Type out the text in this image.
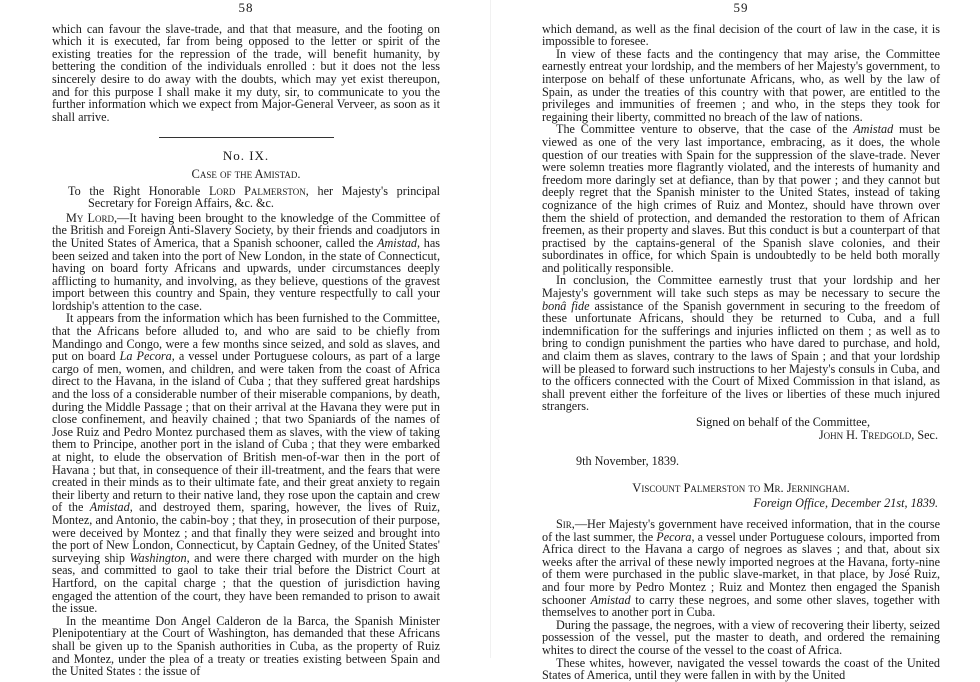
58

which can favour the slave-trade, and that that measure, and the footing on which it is executed, far from being opposed to the letter or spirit of the existing treaties for the repression of the trade, will benefit humanity, by bettering the condition of the individuals enrolled : but it does not the less sincerely desire to do away with the doubts, which may yet exist thereupon, and for this purpose I shall make it my duty, sir, to communicate to you the further information which we expect from Major-General Verveer, as soon as it shall arrive.

No. IX.
Case of the Amistad.

To the Right Honorable Lord Palmerston, her Majesty's principal Secretary for Foreign Affairs, &c. &c.

My Lord,—It having been brought to the knowledge of the Committee of the British and Foreign Anti-Slavery Society, by their friends and coadjutors in the United States of America, that a Spanish schooner, called the Amistad, has been seized and taken into the port of New London, in the state of Connecticut, having on board forty Africans and upwards, under circumstances deeply afflicting to humanity, and involving, as they believe, questions of the gravest import between this country and Spain, they venture respectfully to call your lordship's attention to the case.

It appears from the information which has been furnished to the Committee, that the Africans before alluded to, and who are said to be chiefly from Mandingo and Congo, were a few months since seized, and sold as slaves, and put on board La Pecora, a vessel under Portuguese colours, as part of a large cargo of men, women, and children, and were taken from the coast of Africa direct to the Havana, in the island of Cuba ; that they suffered great hardships and the loss of a considerable number of their miserable companions, by death, during the Middle Passage ; that on their arrival at the Havana they were put in close confinement, and heavily chained ; that two Spaniards of the names of Jose Ruiz and Pedro Montez purchased them as slaves, with the view of taking them to Principe, another port in the island of Cuba ; that they were embarked at night, to elude the observation of British men-of-war then in the port of Havana ; but that, in consequence of their ill-treatment, and the fears that were created in their minds as to their ultimate fate, and their great anxiety to regain their liberty and return to their native land, they rose upon the captain and crew of the Amistad, and destroyed them, sparing, however, the lives of Ruiz, Montez, and Antonio, the cabin-boy ; that they, in prosecution of their purpose, were deceived by Montez ; and that finally they were seized and brought into the port of New London, Connecticut, by Captain Gedney, of the United States' surveying ship Washington, and were there charged with murder on the high seas, and committed to gaol to take their trial before the District Court at Hartford, on the capital charge ; that the question of jurisdiction having engaged the attention of the court, they have been remanded to prison to await the issue.

In the meantime Don Angel Calderon de la Barca, the Spanish Minister Plenipotentiary at the Court of Washington, has demanded that these Africans shall be given up to the Spanish authorities in Cuba, as the property of Ruiz and Montez, under the plea of a treaty or treaties existing between Spain and the United States : the issue of

59

which demand, as well as the final decision of the court of law in the case, it is impossible to foresee.

In view of these facts and the contingency that may arise, the Committee earnestly entreat your lordship, and the members of her Majesty's government, to interpose on behalf of these unfortunate Africans, who, as well by the law of Spain, as under the treaties of this country with that power, are entitled to the privileges and immunities of freemen ; and who, in the steps they took for regaining their liberty, committed no breach of the law of nations.

The Committee venture to observe, that the case of the Amistad must be viewed as one of the very last importance, embracing, as it does, the whole question of our treaties with Spain for the suppression of the slave-trade. Never were solemn treaties more flagrantly violated, and the interests of humanity and freedom more daringly set at defiance, than by that power ; and they cannot but deeply regret that the Spanish minister to the United States, instead of taking cognizance of the high crimes of Ruiz and Montez, should have thrown over them the shield of protection, and demanded the restoration to them of African freemen, as their property and slaves. But this conduct is but a counterpart of that practised by the captains-general of the Spanish slave colonies, and their subordinates in office, for which Spain is undoubtedly to be held both morally and politically responsible.

In conclusion, the Committee earnestly trust that your lordship and her Majesty's government will take such steps as may be necessary to secure the bonâ fide assistance of the Spanish government in securing to the freedom of these unfortunate Africans, should they be returned to Cuba, and a full indemnification for the sufferings and injuries inflicted on them ; as well as to bring to condign punishment the parties who have dared to purchase, and hold, and claim them as slaves, contrary to the laws of Spain ; and that your lordship will be pleased to forward such instructions to her Majesty's consuls in Cuba, and to the officers connected with the Court of Mixed Commission in that island, as shall prevent either the forfeiture of the lives or liberties of these much injured strangers.

Signed on behalf of the Committee,

John H. Tredgold, Sec.

9th November, 1839.

Viscount Palmerston to Mr. Jerningham.

Foreign Office, December 21st, 1839.

Sir,—Her Majesty's government have received information, that in the course of the last summer, the Pecora, a vessel under Portuguese colours, imported from Africa direct to the Havana a cargo of negroes as slaves ; and that, about six weeks after the arrival of these newly imported negroes at the Havana, forty-nine of them were purchased in the public slave-market, in that place, by José Ruiz, and four more by Pedro Montez ; Ruiz and Montez then engaged the Spanish schooner Amistad to carry these negroes, and some other slaves, together with themselves to another port in Cuba.

During the passage, the negroes, with a view of recovering their liberty, seized possession of the vessel, put the master to death, and ordered the remaining whites to direct the course of the vessel to the coast of Africa.

These whites, however, navigated the vessel towards the coast of the United States of America, until they were fallen in with by the United
